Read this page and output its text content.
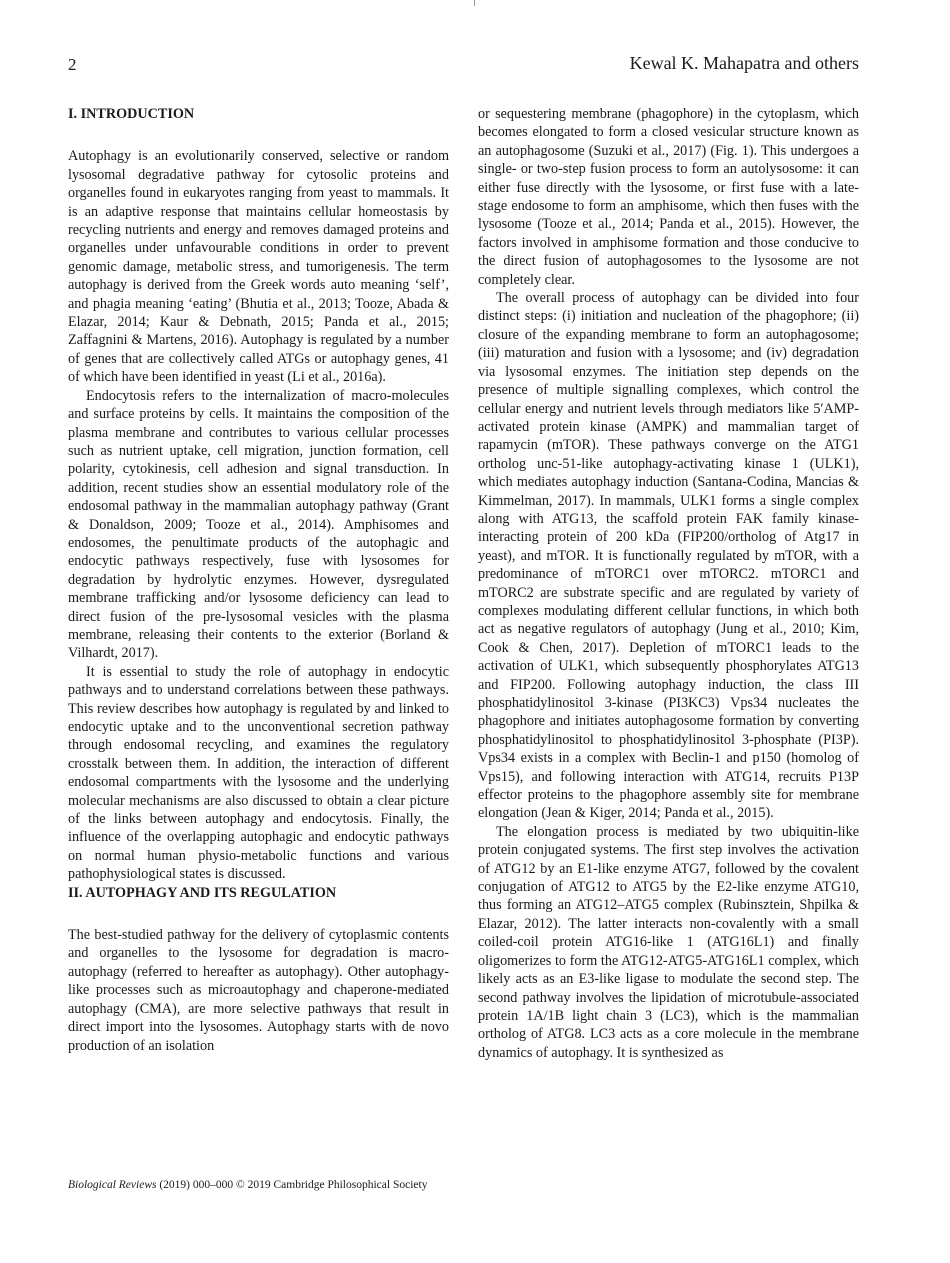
2	Kewal K. Mahapatra and others
I. INTRODUCTION

Autophagy is an evolutionarily conserved, selective or random lysosomal degradative pathway for cytosolic proteins and organelles found in eukaryotes ranging from yeast to mammals. It is an adaptive response that maintains cellular homeostasis by recycling nutrients and energy and removes damaged proteins and organelles under unfavourable conditions in order to prevent genomic damage, metabolic stress, and tumorigenesis. The term autophagy is derived from the Greek words auto meaning ‘self’, and phagia meaning ‘eating’ (Bhutia et al., 2013; Tooze, Abada & Elazar, 2014; Kaur & Debnath, 2015; Panda et al., 2015; Zaffagnini & Martens, 2016). Autophagy is regulated by a number of genes that are collectively called ATGs or autophagy genes, 41 of which have been identified in yeast (Li et al., 2016a).

Endocytosis refers to the internalization of macro-molecules and surface proteins by cells. It maintains the composition of the plasma membrane and contributes to various cellular processes such as nutrient uptake, cell migration, junction formation, cell polarity, cytokinesis, cell adhesion and signal transduction. In addition, recent studies show an essential modulatory role of the endosomal pathway in the mammalian autophagy pathway (Grant & Donaldson, 2009; Tooze et al., 2014). Amphisomes and endosomes, the penultimate products of the autophagic and endocytic pathways respectively, fuse with lysosomes for degradation by hydrolytic enzymes. However, dysregulated membrane trafficking and/or lysosome deficiency can lead to direct fusion of the pre-lysosomal vesicles with the plasma membrane, releasing their contents to the exterior (Borland & Vilhardt, 2017).

It is essential to study the role of autophagy in endocytic pathways and to understand correlations between these pathways. This review describes how autophagy is regulated by and linked to endocytic uptake and to the unconventional secretion pathway through endosomal recycling, and examines the regulatory crosstalk between them. In addition, the interaction of different endosomal compartments with the lysosome and the underlying molecular mechanisms are also discussed to obtain a clear picture of the links between autophagy and endocytosis. Finally, the influence of the overlapping autophagic and endocytic pathways on normal human physio-metabolic functions and various pathophysiological states is discussed.

II. AUTOPHAGY AND ITS REGULATION

The best-studied pathway for the delivery of cytoplasmic contents and organelles to the lysosome for degradation is macro-autophagy (referred to hereafter as autophagy). Other autophagy-like processes such as microautophagy and chaperone-mediated autophagy (CMA), are more selective pathways that result in direct import into the lysosomes. Autophagy starts with de novo production of an isolation

or sequestering membrane (phagophore) in the cytoplasm, which becomes elongated to form a closed vesicular structure known as an autophagosome (Suzuki et al., 2017) (Fig. 1). This undergoes a single- or two-step fusion process to form an autolysosome: it can either fuse directly with the lysosome, or first fuse with a late-stage endosome to form an amphisome, which then fuses with the lysosome (Tooze et al., 2014; Panda et al., 2015). However, the factors involved in amphisome formation and those conducive to the direct fusion of autophagosomes to the lysosome are not completely clear.

The overall process of autophagy can be divided into four distinct steps: (i) initiation and nucleation of the phagophore; (ii) closure of the expanding membrane to form an autophagosome; (iii) maturation and fusion with a lysosome; and (iv) degradation via lysosomal enzymes. The initiation step depends on the presence of multiple signalling complexes, which control the cellular energy and nutrient levels through mediators like 5′AMP-activated protein kinase (AMPK) and mammalian target of rapamycin (mTOR). These pathways converge on the ATG1 ortholog unc-51-like autophagy-activating kinase 1 (ULK1), which mediates autophagy induction (Santana-Codina, Mancias & Kimmelman, 2017). In mammals, ULK1 forms a single complex along with ATG13, the scaffold protein FAK family kinase-interacting protein of 200 kDa (FIP200/ortholog of Atg17 in yeast), and mTOR. It is functionally regulated by mTOR, with a predominance of mTORC1 over mTORC2. mTORC1 and mTORC2 are substrate specific and are regulated by variety of complexes modulating different cellular functions, in which both act as negative regulators of autophagy (Jung et al., 2010; Kim, Cook & Chen, 2017). Depletion of mTORC1 leads to the activation of ULK1, which subsequently phosphorylates ATG13 and FIP200. Following autophagy induction, the class III phosphatidylinositol 3-kinase (PI3KC3) Vps34 nucleates the phagophore and initiates autophagosome formation by converting phosphatidylinositol to phosphatidylinositol 3-phosphate (PI3P). Vps34 exists in a complex with Beclin-1 and p150 (homolog of Vps15), and following interaction with ATG14, recruits P13P effector proteins to the phagophore assembly site for membrane elongation (Jean & Kiger, 2014; Panda et al., 2015).

The elongation process is mediated by two ubiquitin-like protein conjugated systems. The first step involves the activation of ATG12 by an E1-like enzyme ATG7, followed by the covalent conjugation of ATG12 to ATG5 by the E2-like enzyme ATG10, thus forming an ATG12–ATG5 complex (Rubinsztein, Shpilka & Elazar, 2012). The latter interacts non-covalently with a small coiled-coil protein ATG16-like 1 (ATG16L1) and finally oligomerizes to form the ATG12-ATG5-ATG16L1 complex, which likely acts as an E3-like ligase to modulate the second step. The second pathway involves the lipidation of microtubule-associated protein 1A/1B light chain 3 (LC3), which is the mammalian ortholog of ATG8. LC3 acts as a core molecule in the membrane dynamics of autophagy. It is synthesized as

Biological Reviews (2019) 000–000 © 2019 Cambridge Philosophical Society
